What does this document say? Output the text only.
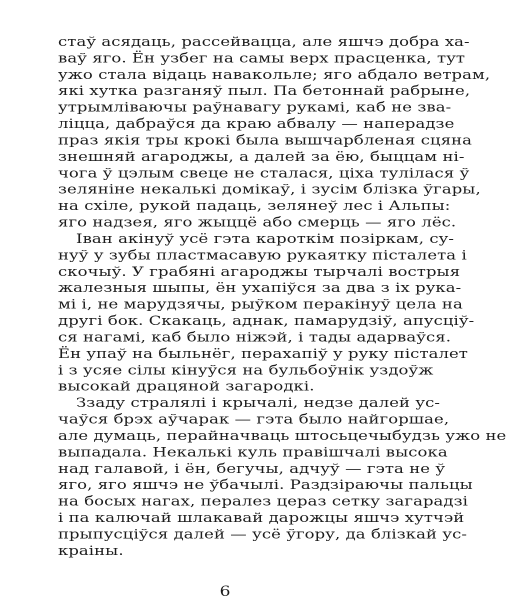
стаў асядаць, рассейвацца, але яшчэ добра ха-
ваў яго. Ён узбег на самы верх прасценка, тут
ужо стала відаць навакольле; яго абдало ветрам,
які хутка разганяў пыл. Па бетоннай рабрыне,
утрымліваючы раўнавагу рукамі, каб не зва-
ліцца, дабраўся да краю абвалу — наперадзе
праз якія тры крокі была вышчарбленая сцяна
знешняй агароджы, а далей за ёю, быццам ні-
чога ў цэлым свеце не сталася, ціха тулілася ў
зеляніне некалькі домікаў, і зусім блізка ўгары,
на схіле, рукой падаць, зелянеў лес і Альпы:
яго надзея, яго жыццё або смерць — яго лёс.
Іван акінуў усё гэта кароткім позіркам, су-
нуў у зубы пластмасавую рукаятку пісталета і
скочыў. У грабяні агароджы тырчалі вострыя
жалезныя шыпы, ён ухапіўся за два з іх рука-
мі і, не марудзячы, рыўком перакінуў цела на
другі бок. Скакаць, аднак, памарудзіў, апусціў-
ся нагамі, каб было ніжэй, і тады адарваўся.
Ён упаў на быльнёг, перахапіў у руку пісталет
і з усяе сілы кінуўся на бульбоўнік уздоўж
высокай драцяной загародкі.
Ззаду стралялі і крычалі, недзе далей ус-
чаўся брэх аўчарак — гэта было найгоршае,
але думаць, перайначваць штосьцечыбудзь ужо не
выпадала. Некалькі куль правішчалі высока
над галавой, і ён, бегучы, адчуў — гэта не ў
яго, яго яшчэ не ўбачылі. Раздзіраючы пальцы
на босых нагах, пералез цераз сетку загарадзі
і па калючай шлакавай дарожцы яшчэ хутчэй
прыпусціўся далей — усё ўгору, да блізкай ус-
краіны.
6
